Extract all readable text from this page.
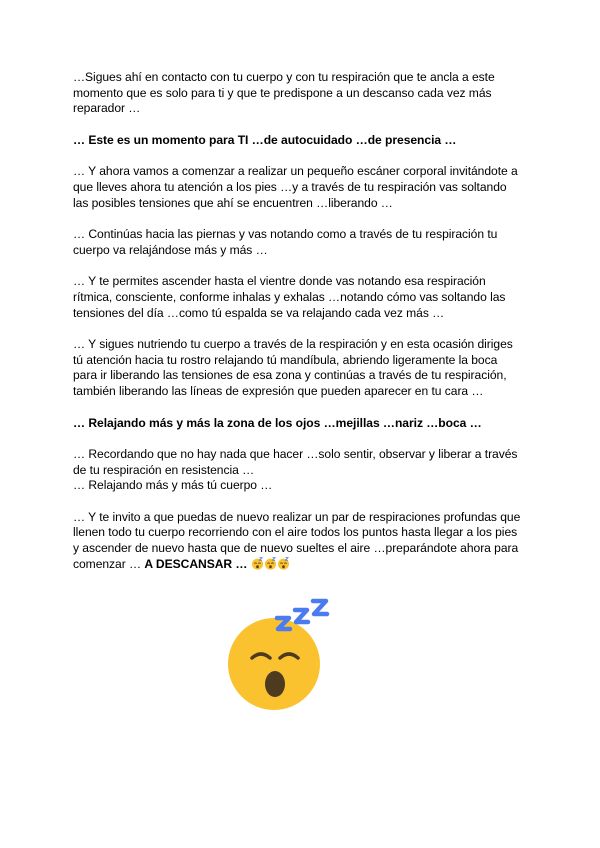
…Sigues ahí en contacto con tu cuerpo y con tu respiración que te ancla a este
momento que es solo para ti y que te predispone a un descanso cada vez más
reparador …
… Este es un momento para TI …de autocuidado …de presencia …
… Y ahora vamos a comenzar a realizar un pequeño escáner corporal invitándote a
que lleves ahora tu atención a los pies …y a través de tu respiración vas soltando
las posibles tensiones que ahí se encuentren …liberando …
… Continúas hacia las piernas y vas notando como a través de tu respiración tu
cuerpo va relajándose más y más …
… Y te permites ascender hasta el vientre donde vas notando esa respiración
rítmica, consciente, conforme inhalas y exhalas …notando cómo vas soltando las
tensiones del día …como tú espalda se va relajando cada vez más …
… Y sigues nutriendo tu cuerpo a través de la respiración y en esta ocasión diriges
tú atención hacia tu rostro relajando tú mandíbula, abriendo ligeramente la boca
para ir liberando las tensiones de esa zona y continúas a través de tu respiración,
también liberando las líneas de expresión que pueden aparecer en tu cara …
… Relajando más y más la zona de los ojos …mejillas …nariz …boca …
… Recordando que no hay nada que hacer …solo sentir, observar y liberar a través
de tu respiración en resistencia …
… Relajando más y más tú cuerpo …
… Y te invito a que puedas de nuevo realizar un par de respiraciones profundas que
llenen todo tu cuerpo recorriendo con el aire todos los puntos hasta llegar a los pies
y ascender de nuevo hasta que de nuevo sueltes el aire …preparándote ahora para
comenzar … A DESCANSAR …
